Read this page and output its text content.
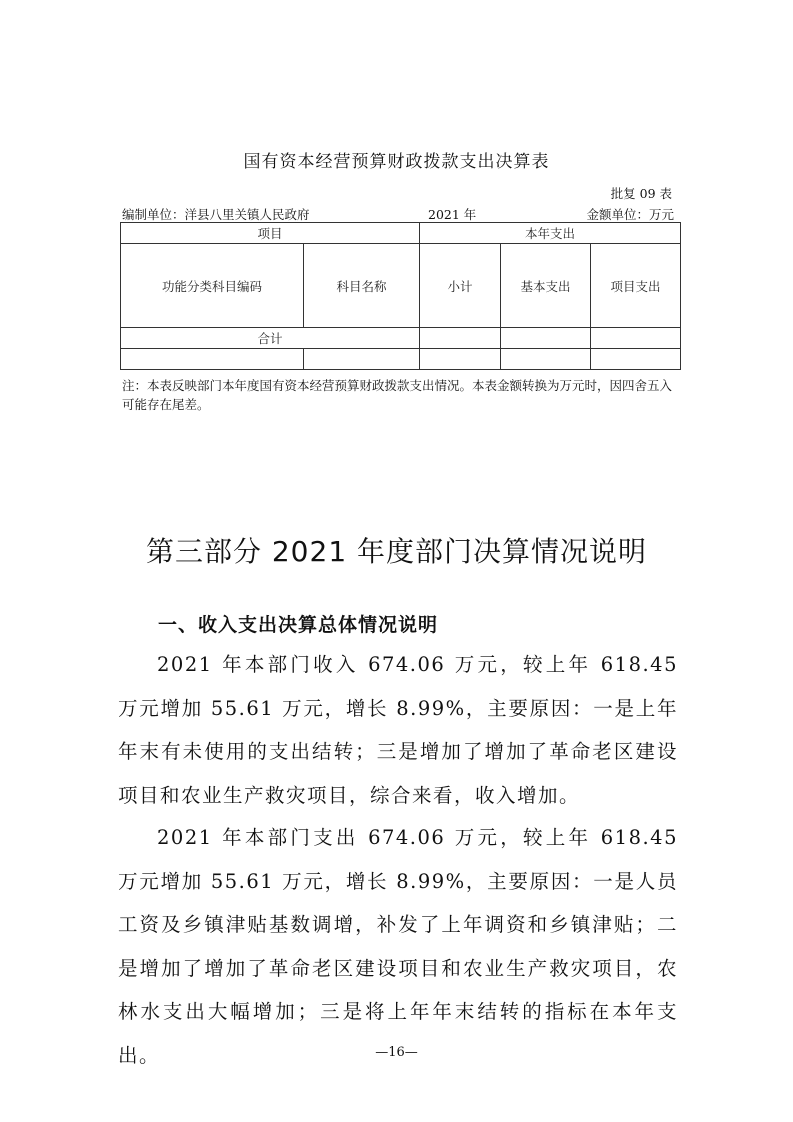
国有资本经营预算财政拨款支出决算表
批复 09 表
编制单位：洋县八里关镇人民政府	2021 年	金额单位：万元
项目		本年支出		
功能分类科目编码	科目名称	小计	基本支出	项目支出
合计				

注：本表反映部门本年度国有资本经营预算财政拨款支出情况。本表金额转换为万元时，因四舍五入可能存在尾差。
第三部分 2021 年度部门决算情况说明
一、收入支出决算总体情况说明
2021 年本部门收入 674.06 万元，较上年 618.45 万元增加 55.61 万元，增长 8.99%，主要原因：一是上年年末有未使用的支出结转；三是增加了增加了革命老区建设项目和农业生产救灾项目，综合来看，收入增加。
2021 年本部门支出 674.06 万元，较上年 618.45 万元增加 55.61 万元，增长 8.99%，主要原因：一是人员工资及乡镇津贴基数调增，补发了上年调资和乡镇津贴；二是增加了增加了革命老区建设项目和农业生产救灾项目，农林水支出大幅增加；三是将上年年末结转的指标在本年支出。	—16—
